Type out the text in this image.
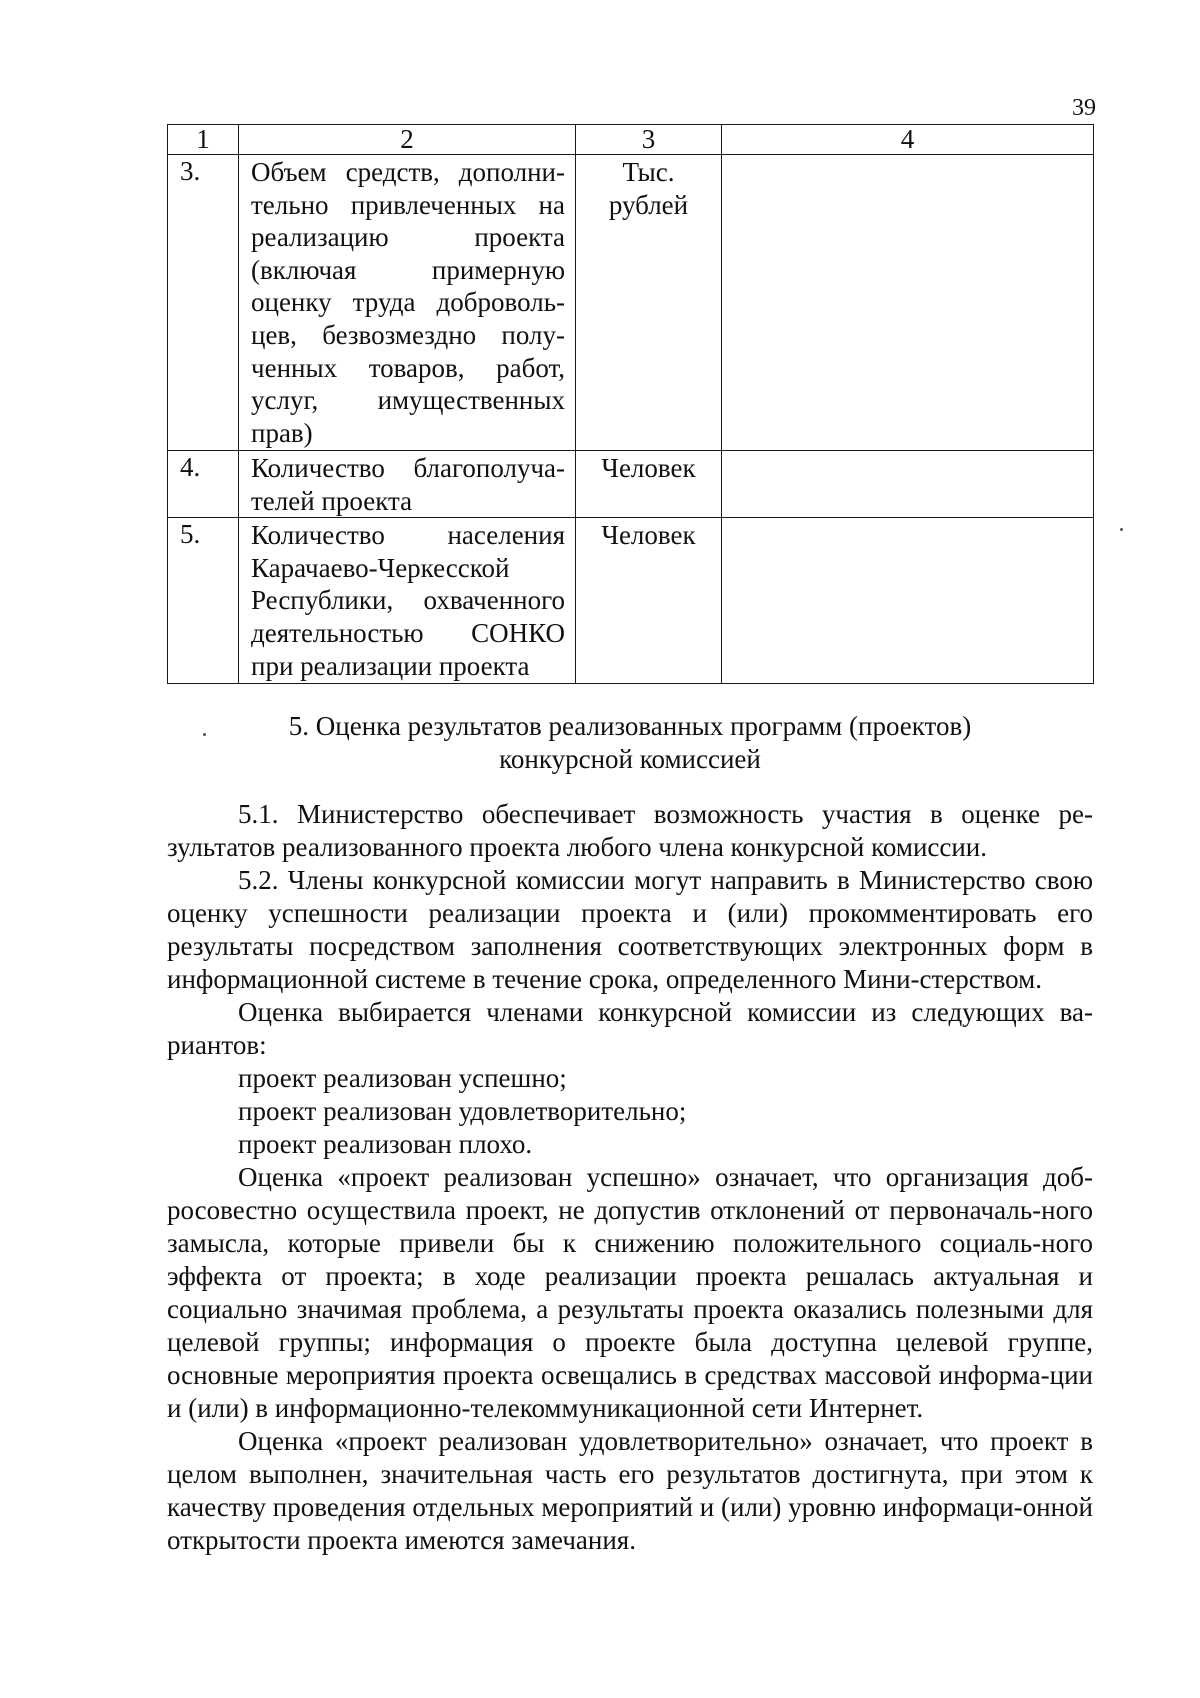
39
1	2	3	4
3.	Объем средств, дополни-тельно привлеченных на реализацию проекта (включая примерную оценку труда доброволь-цев, безвозмездно полу-ченных товаров, работ, услуг, имущественных прав)	Тыс. рублей	
4.	Количество благополуча-телей проекта	Человек	
5.	Количество населения Карачаево-Черкесской Республики, охваченного деятельностью СОНКО при реализации проекта	Человек	
5. Оценка результатов реализованных программ (проектов)
конкурсной комиссией

5.1. Министерство обеспечивает возможность участия в оценке ре-зультатов реализованного проекта любого члена конкурсной комиссии.

5.2. Члены конкурсной комиссии могут направить в Министерство свою оценку успешности реализации проекта и (или) прокомментировать его результаты посредством заполнения соответствующих электронных форм в информационной системе в течение срока, определенного Мини-стерством.

Оценка выбирается членами конкурсной комиссии из следующих ва-риантов:

проект реализован успешно;

проект реализован удовлетворительно;

проект реализован плохо.

Оценка «проект реализован успешно» означает, что организация доб-росовестно осуществила проект, не допустив отклонений от первоначаль-ного замысла, которые привели бы к снижению положительного социаль-ного эффекта от проекта; в ходе реализации проекта решалась актуальная и социально значимая проблема, а результаты проекта оказались полезными для целевой группы; информация о проекте была доступна целевой группе, основные мероприятия проекта освещались в средствах массовой информа-ции и (или) в информационно-телекоммуникационной сети Интернет.

Оценка «проект реализован удовлетворительно» означает, что проект в целом выполнен, значительная часть его результатов достигнута, при этом к качеству проведения отдельных мероприятий и (или) уровню информаци-онной открытости проекта имеются замечания.
